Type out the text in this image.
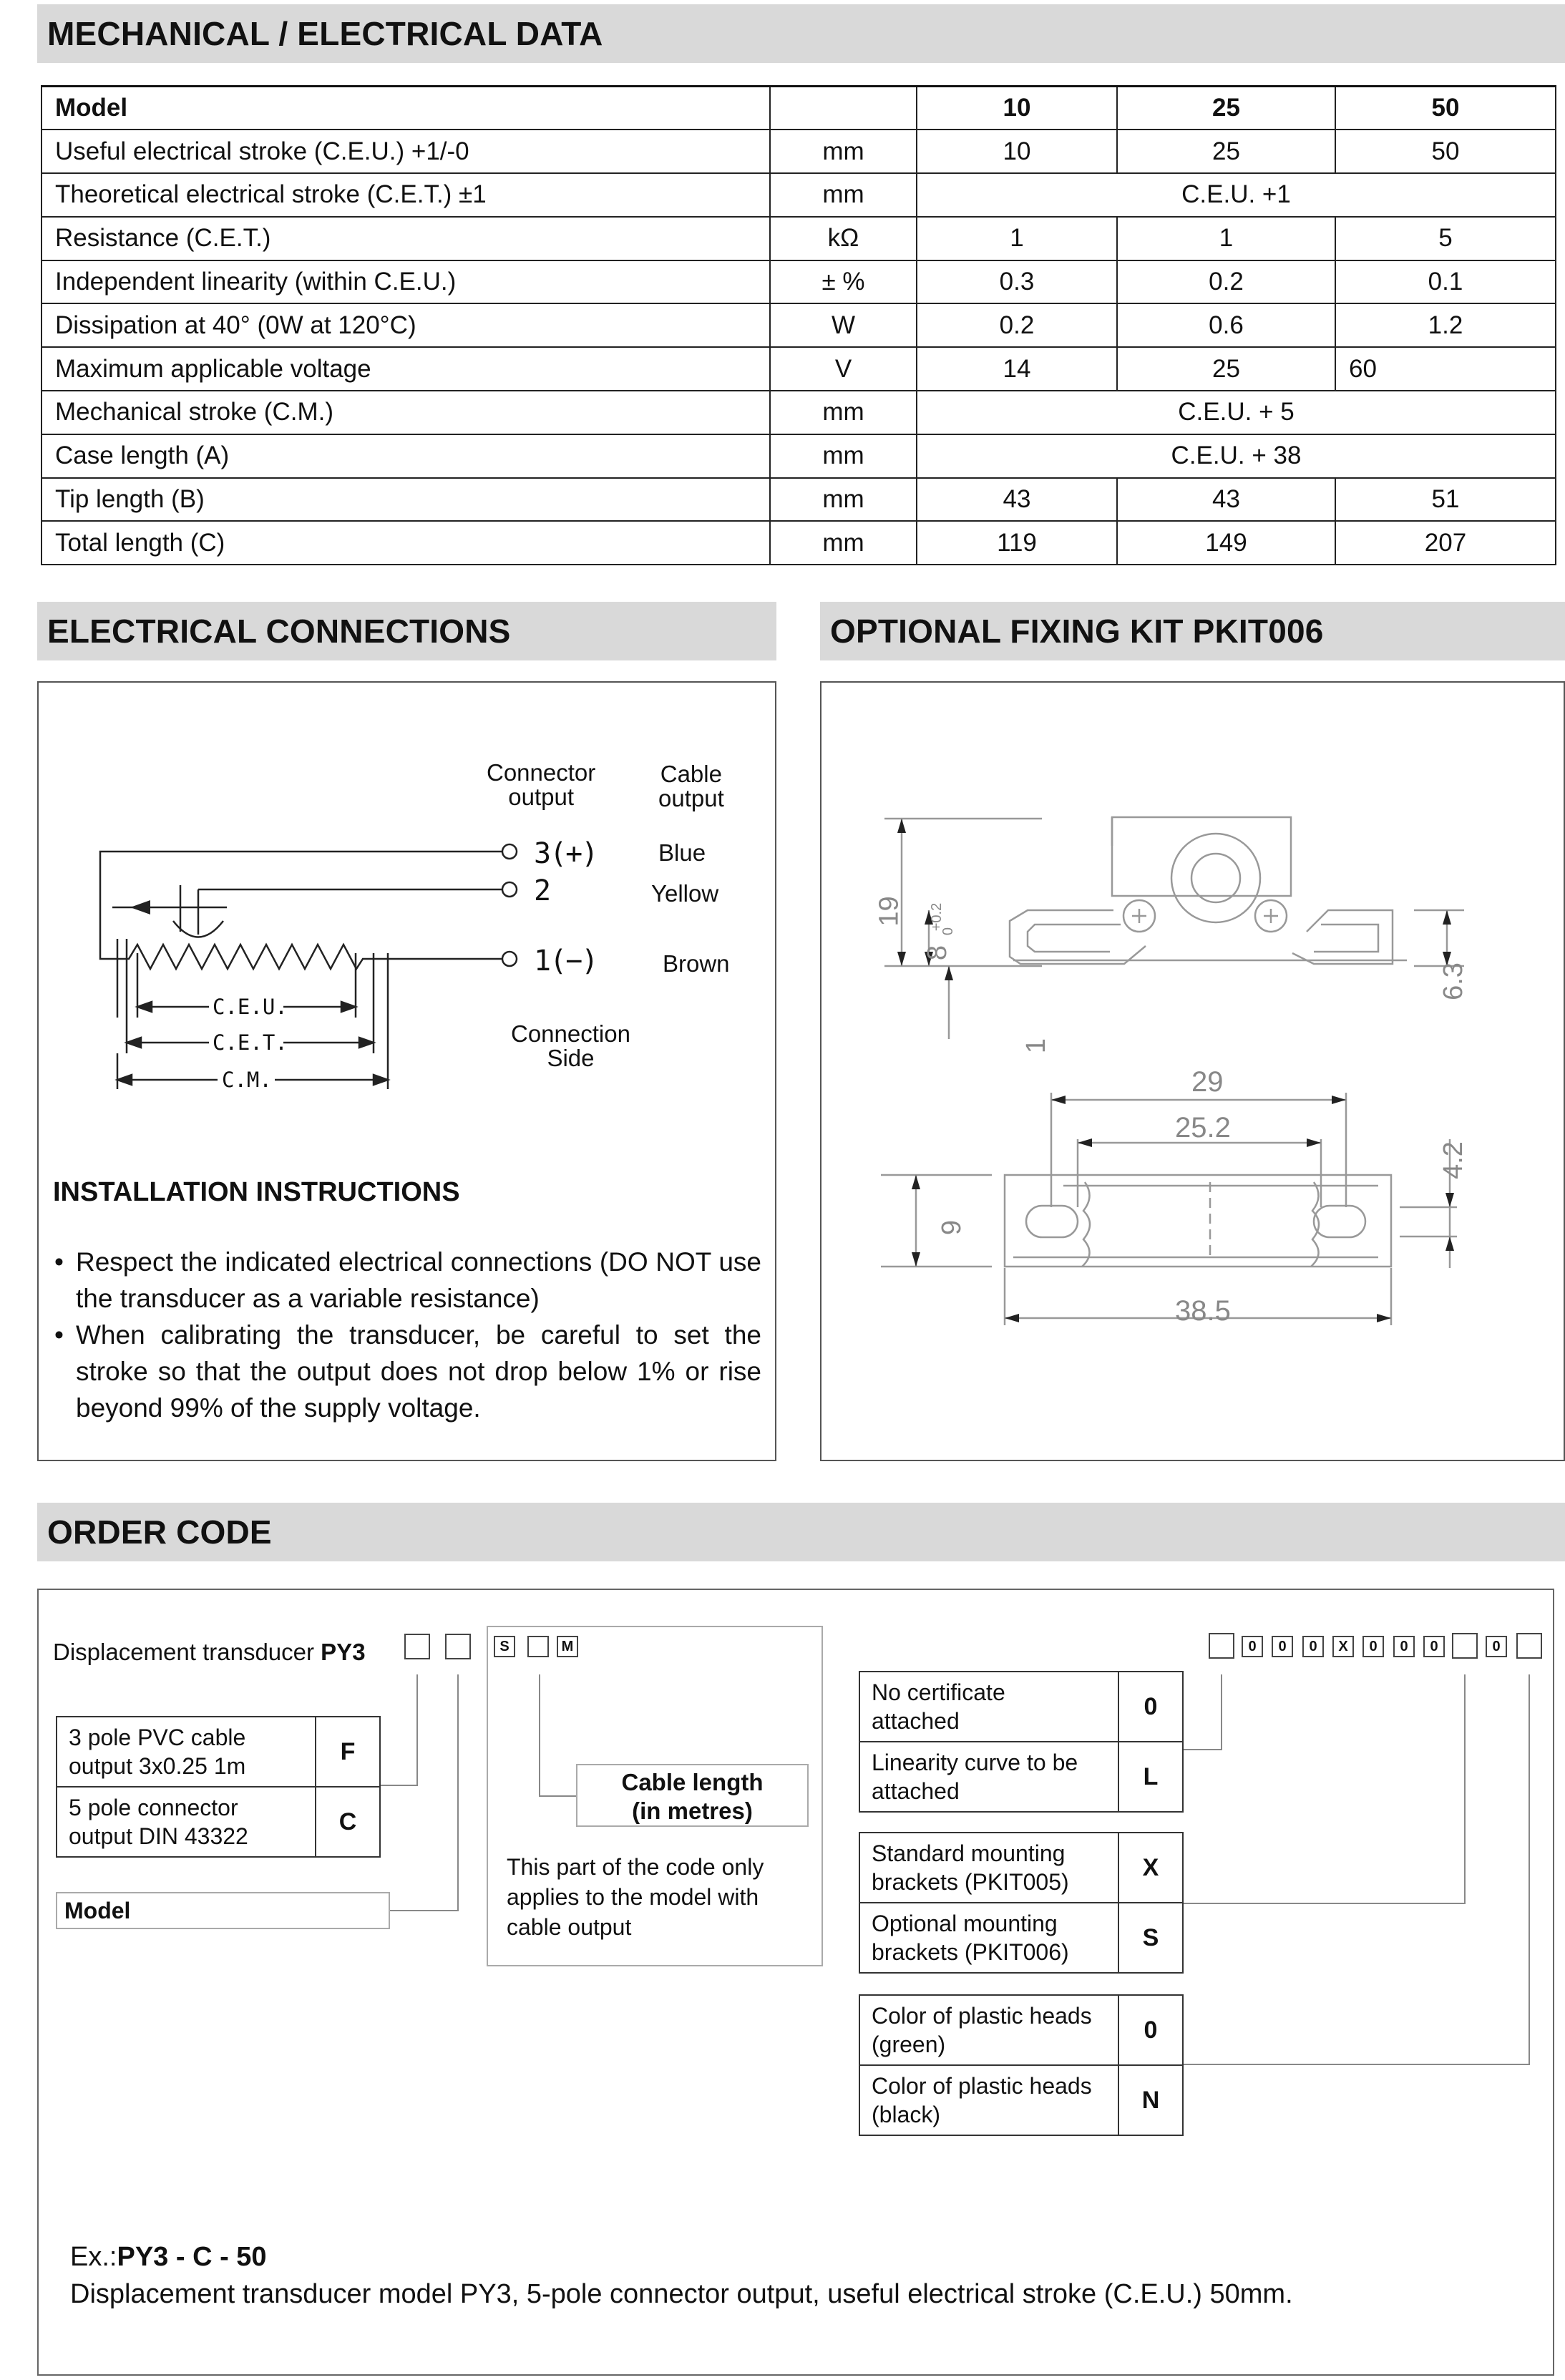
MECHANICAL / ELECTRICAL DATA
Model		10	25	50
Useful electrical stroke (C.E.U.) +1/-0	mm	10	25	50
Theoretical electrical stroke (C.E.T.) ±1	mm	C.E.U. +1		
Resistance (C.E.T.)	kΩ	1	1	5
Independent linearity (within C.E.U.)	± %	0.3	0.2	0.1
Dissipation at 40° (0W at 120°C)	W	0.2	0.6	1.2
Maximum applicable voltage	V	14	25	60
Mechanical stroke (C.M.)	mm	C.E.U. + 5		
Case length (A)	mm	C.E.U. + 38		
Tip length (B)	mm	43	43	51
Total length (C)	mm	119	149	207
ELECTRICAL CONNECTIONS	OPTIONAL FIXING KIT PKIT006
C.E.U.
C.E.T.
C.M.
Connector
output
Cable
output
3(+)
2
1(−)
Blue
Yellow
Brown
Connection
Side
INSTALLATION INSTRUCTIONS
• Respect the indicated electrical connections (DO NOT use the transducer as a variable resistance)
• When calibrating the transducer, be careful to set the stroke so that the output does not drop below 1% or rise beyond 99% of the supply voltage.
19
8
+0.2
0
6.3
1
29
25.2
4.2
9
38.5
ORDER CODE
Displacement transducer PY3
3 pole PVC cable
output 3x0.25 1m	F

5 pole connector
output DIN 43322	C
Model
S	M
Cable length
(in metres)
This part of the code only
applies to the model with
cable output
0	0	0	X	0	0	0	0
No certificate
attached	0

Linearity curve to be
attached	L
Standard mounting
brackets (PKIT005)	X

Optional mounting
brackets (PKIT006)	S
Color of plastic heads
(green)	0

Color of plastic heads
(black)	N
Ex.:PY3 - C - 50
Displacement transducer model PY3, 5-pole connector output, useful electrical stroke (C.E.U.) 50mm.
